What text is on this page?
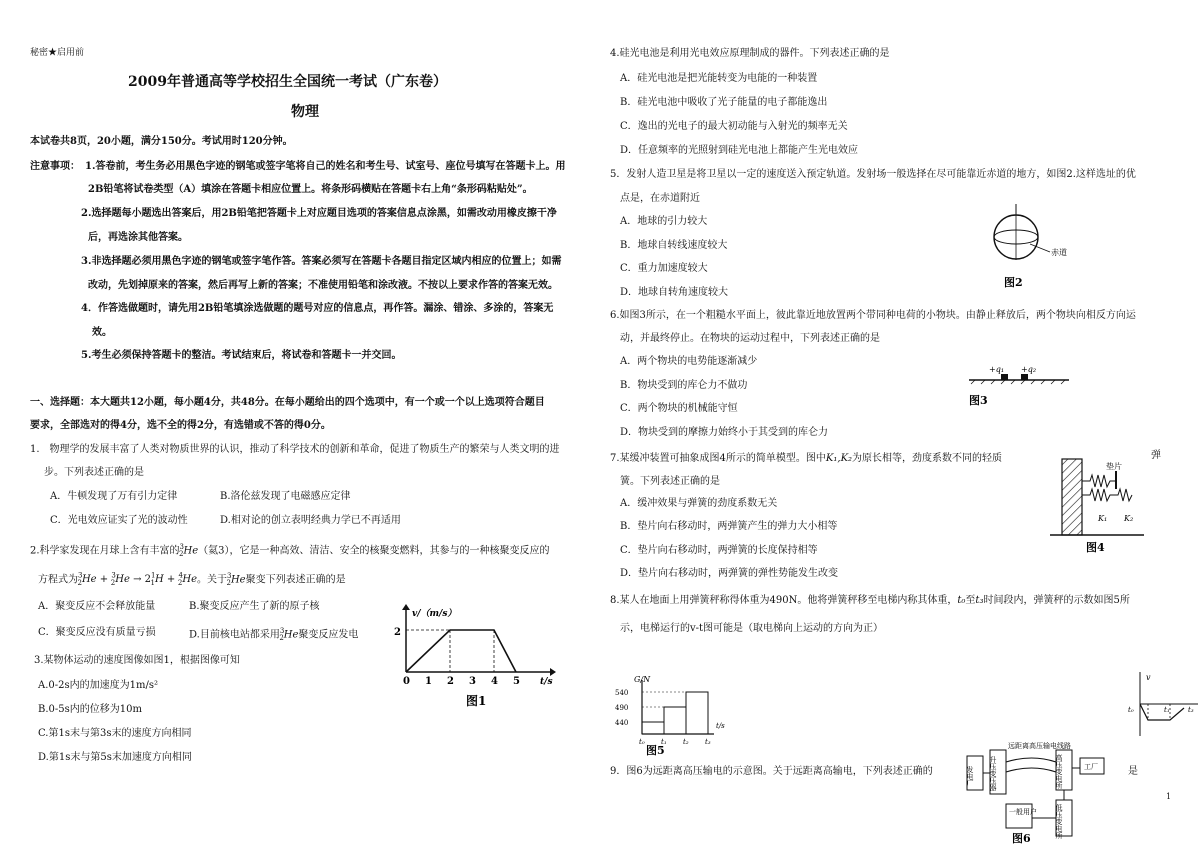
秘密★启用前
2009年普通高等学校招生全国统一考试（广东卷）
物理
本试卷共8页，20小题，满分150分。考试用时120分钟。
注意事项： 1.答卷前，考生务必用黑色字迹的钢笔或签字笔将自己的姓名和考生号、试室号、座位号填写在答题卡上。用
2B铅笔将试卷类型（A）填涂在答题卡相应位置上。将条形码横贴在答题卡右上角“条形码粘贴处”。
2.选择题每小题选出答案后，用2B铅笔把答题卡上对应题目选项的答案信息点涂黑，如需改动用橡皮擦干净
后，再选涂其他答案。
3.非选择题必须用黑色字迹的钢笔或签字笔作答。答案必须写在答题卡各题目指定区域内相应的位置上；如需
改动，先划掉原来的答案，然后再写上新的答案；不准使用铅笔和涂改液。不按以上要求作答的答案无效。
4．作答选做题时，请先用2B铅笔填涂选做题的题号对应的信息点，再作答。漏涂、错涂、多涂的，答案无
效。
5.考生必须保持答题卡的整洁。考试结束后，将试卷和答题卡一并交回。
一、选择题：本大题共12小题，每小题4分，共48分。在每小题给出的四个选项中，有一个或一个以上选项符合题目
要求，全部选对的得4分，选不全的得2分，有选错或不答的得0分。
1.　物理学的发展丰富了人类对物质世界的认识，推动了科学技术的创新和革命，促进了物质生产的繁荣与人类文明的进
步。下列表述正确的是
A．牛顿发现了万有引力定律	B.洛伦兹发现了电磁感应定律
C．光电效应证实了光的波动性	D.相对论的创立表明经典力学已不再适用
2.科学家发现在月球上含有丰富的$^3_2$He（氦3），它是一种高效、清洁、安全的核聚变燃料，其参与的一种核聚变反应的
方程式为$^3_2He + ^3_2He \to 2^1_1H + ^4_2He$。关于$^3_2$He聚变下列表述正确的是
A．聚变反应不会释放能量	B.聚变反应产生了新的原子核
C．聚变反应没有质量亏损	D.目前核电站都采用$^3_2$He聚变反应发电
3.某物体运动的速度图像如图1，根据图像可知
A.0-2s内的加速度为1m/s²
B.0-5s内的位移为10m
C.第1s末与第3s末的速度方向相同
D.第1s末与第5s末加速度方向相同
v/（m/s）
t/s
2
0 1 2 3 4 5
图1
4.硅光电池是利用光电效应原理制成的器件。下列表述正确的是
A．硅光电池是把光能转变为电能的一种装置
B．硅光电池中吸收了光子能量的电子都能逸出
C．逸出的光电子的最大初动能与入射光的频率无关
D．任意频率的光照射到硅光电池上都能产生光电效应
5．发射人造卫星是将卫星以一定的速度送入预定轨道。发射场一般选择在尽可能靠近赤道的地方，如图2.这样选址的优
点是，在赤道附近
A．地球的引力较大
B．地球自转线速度较大
C．重力加速度较大
D．地球自转角速度较大
赤道
图2
6.如图3所示，在一个粗糙水平面上，彼此靠近地放置两个带同种电荷的小物块。由静止释放后，两个物块向相反方向运
动，并最终停止。在物块的运动过程中，下列表述正确的是
A．两个物块的电势能逐渐减少
B．物块受到的库仑力不做功
C．两个物块的机械能守恒
D．物块受到的摩擦力始终小于其受到的库仑力
+q₁ +q₂
图3
7.某缓冲装置可抽象成图4所示的简单模型。图中K₁,K₂为原长相等，劲度系数不同的轻质	弹
簧。下列表述正确的是
A．缓冲效果与弹簧的劲度系数无关
B．垫片向右移动时，两弹簧产生的弹力大小相等
C．垫片向右移动时，两弹簧的长度保持相等
D．垫片向右移动时，两弹簧的弹性势能发生改变
垫片
K₁ K₂
图4
8.某人在地面上用弹簧秤称得体重为490N。他将弹簧秤移至电梯内称其体重，t₀至t₃时间段内，弹簧秤的示数如图5所
示，电梯运行的v-t图可能是（取电梯向上运动的方向为正）
G/N
t/s
540
490
440
t₀ t₁ t₂ t₃
图5
v
t₀	t₁	t₃
9．图6为远距离高压输电的示意图。关于远距离高输电，下列表述正确的	是
发电厂 升压变压器
远距离高压输电线路
高压变电所	工厂
低压变电所
一般用户
图6
1
